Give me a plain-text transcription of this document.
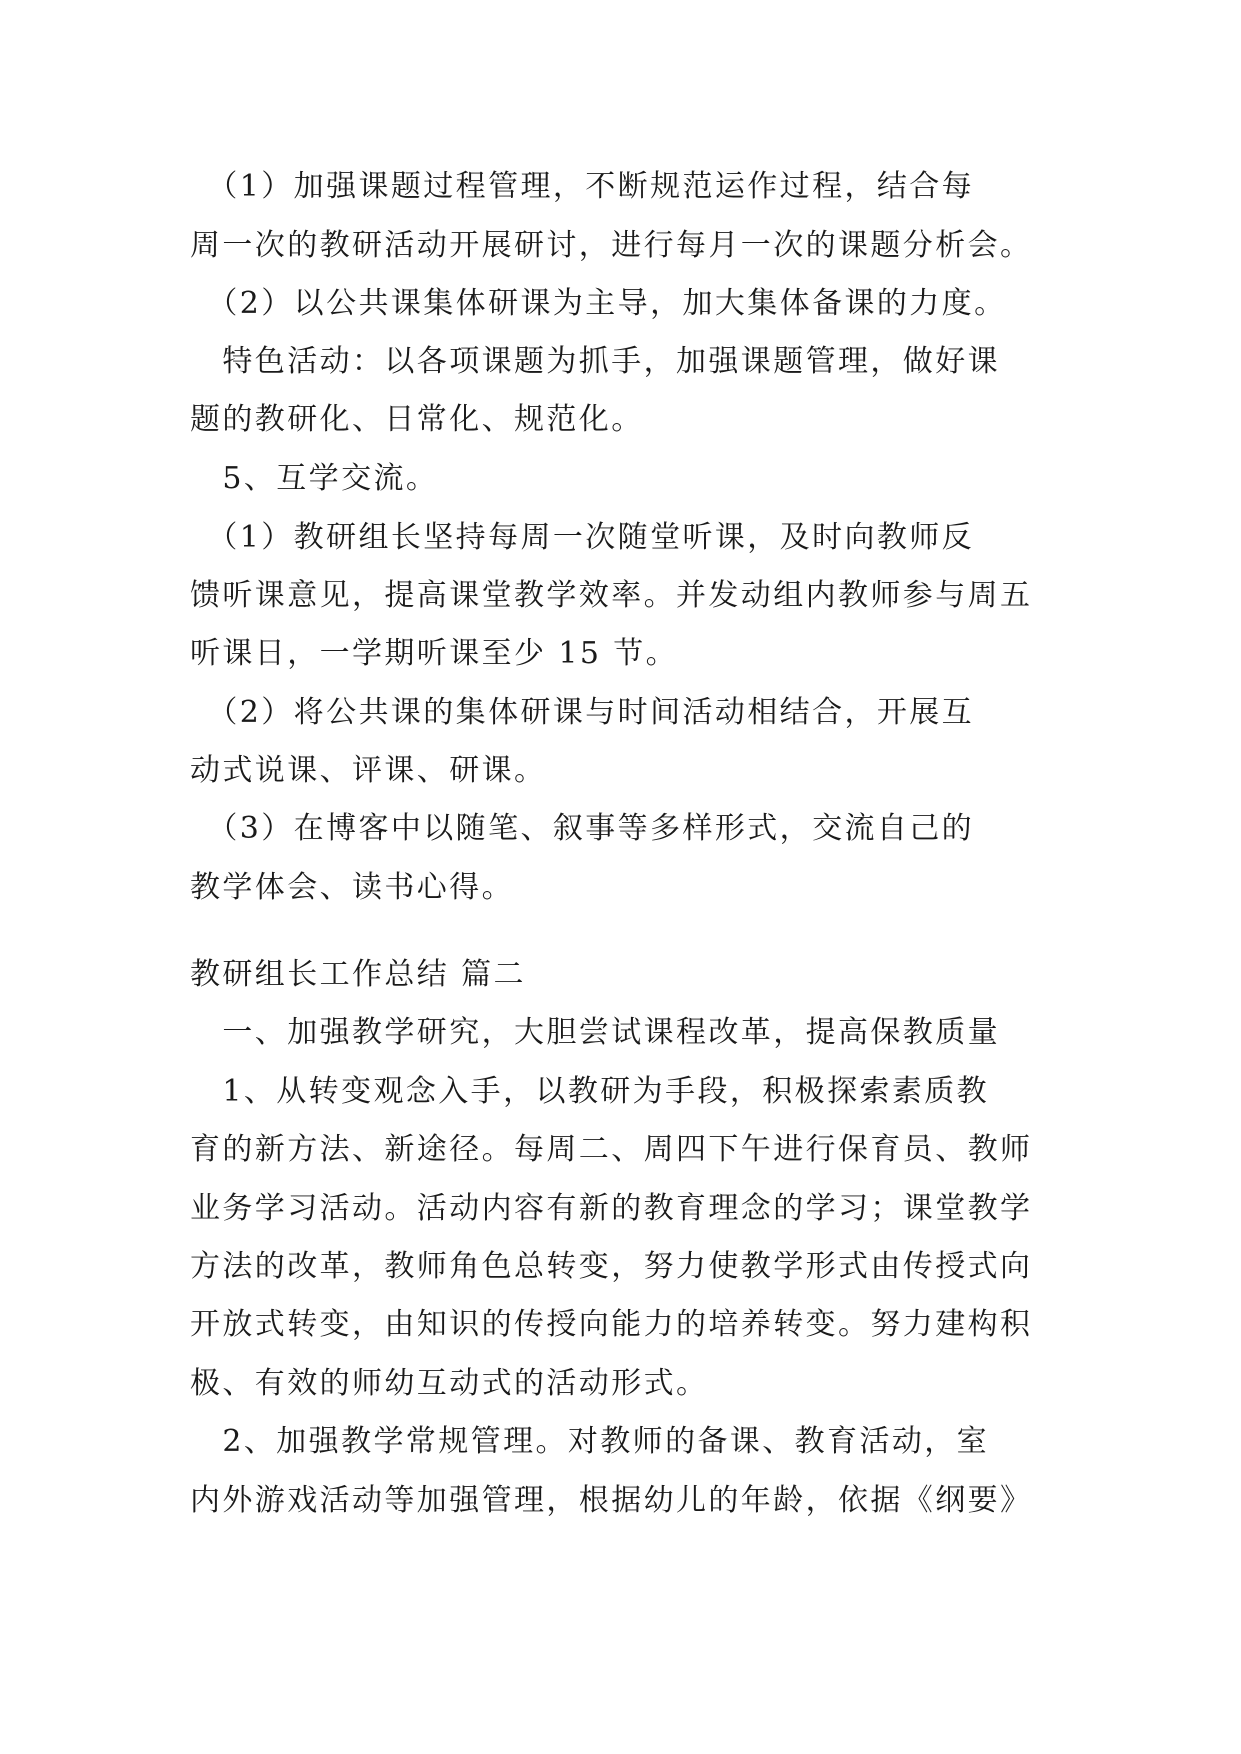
　（1）加强课题过程管理，不断规范运作过程，结合每

周一次的教研活动开展研讨，进行每月一次的课题分析会。

　（2）以公共课集体研课为主导，加大集体备课的力度。

　特色活动：以各项课题为抓手，加强课题管理，做好课

题的教研化、日常化、规范化。

　5、互学交流。

　（1）教研组长坚持每周一次随堂听课，及时向教师反

馈听课意见，提高课堂教学效率。并发动组内教师参与周五

听课日，一学期听课至少 15 节。

　（2）将公共课的集体研课与时间活动相结合，开展互

动式说课、评课、研课。

　（3）在博客中以随笔、叙事等多样形式，交流自己的

教学体会、读书心得。

教研组长工作总结 篇二

　一、加强教学研究，大胆尝试课程改革，提高保教质量

　1、从转变观念入手，以教研为手段，积极探索素质教

育的新方法、新途径。每周二、周四下午进行保育员、教师

业务学习活动。活动内容有新的教育理念的学习；课堂教学

方法的改革，教师角色总转变，努力使教学形式由传授式向

开放式转变，由知识的传授向能力的培养转变。努力建构积

极、有效的师幼互动式的活动形式。

　2、加强教学常规管理。对教师的备课、教育活动，室

内外游戏活动等加强管理，根据幼儿的年龄，依据《纲要》
